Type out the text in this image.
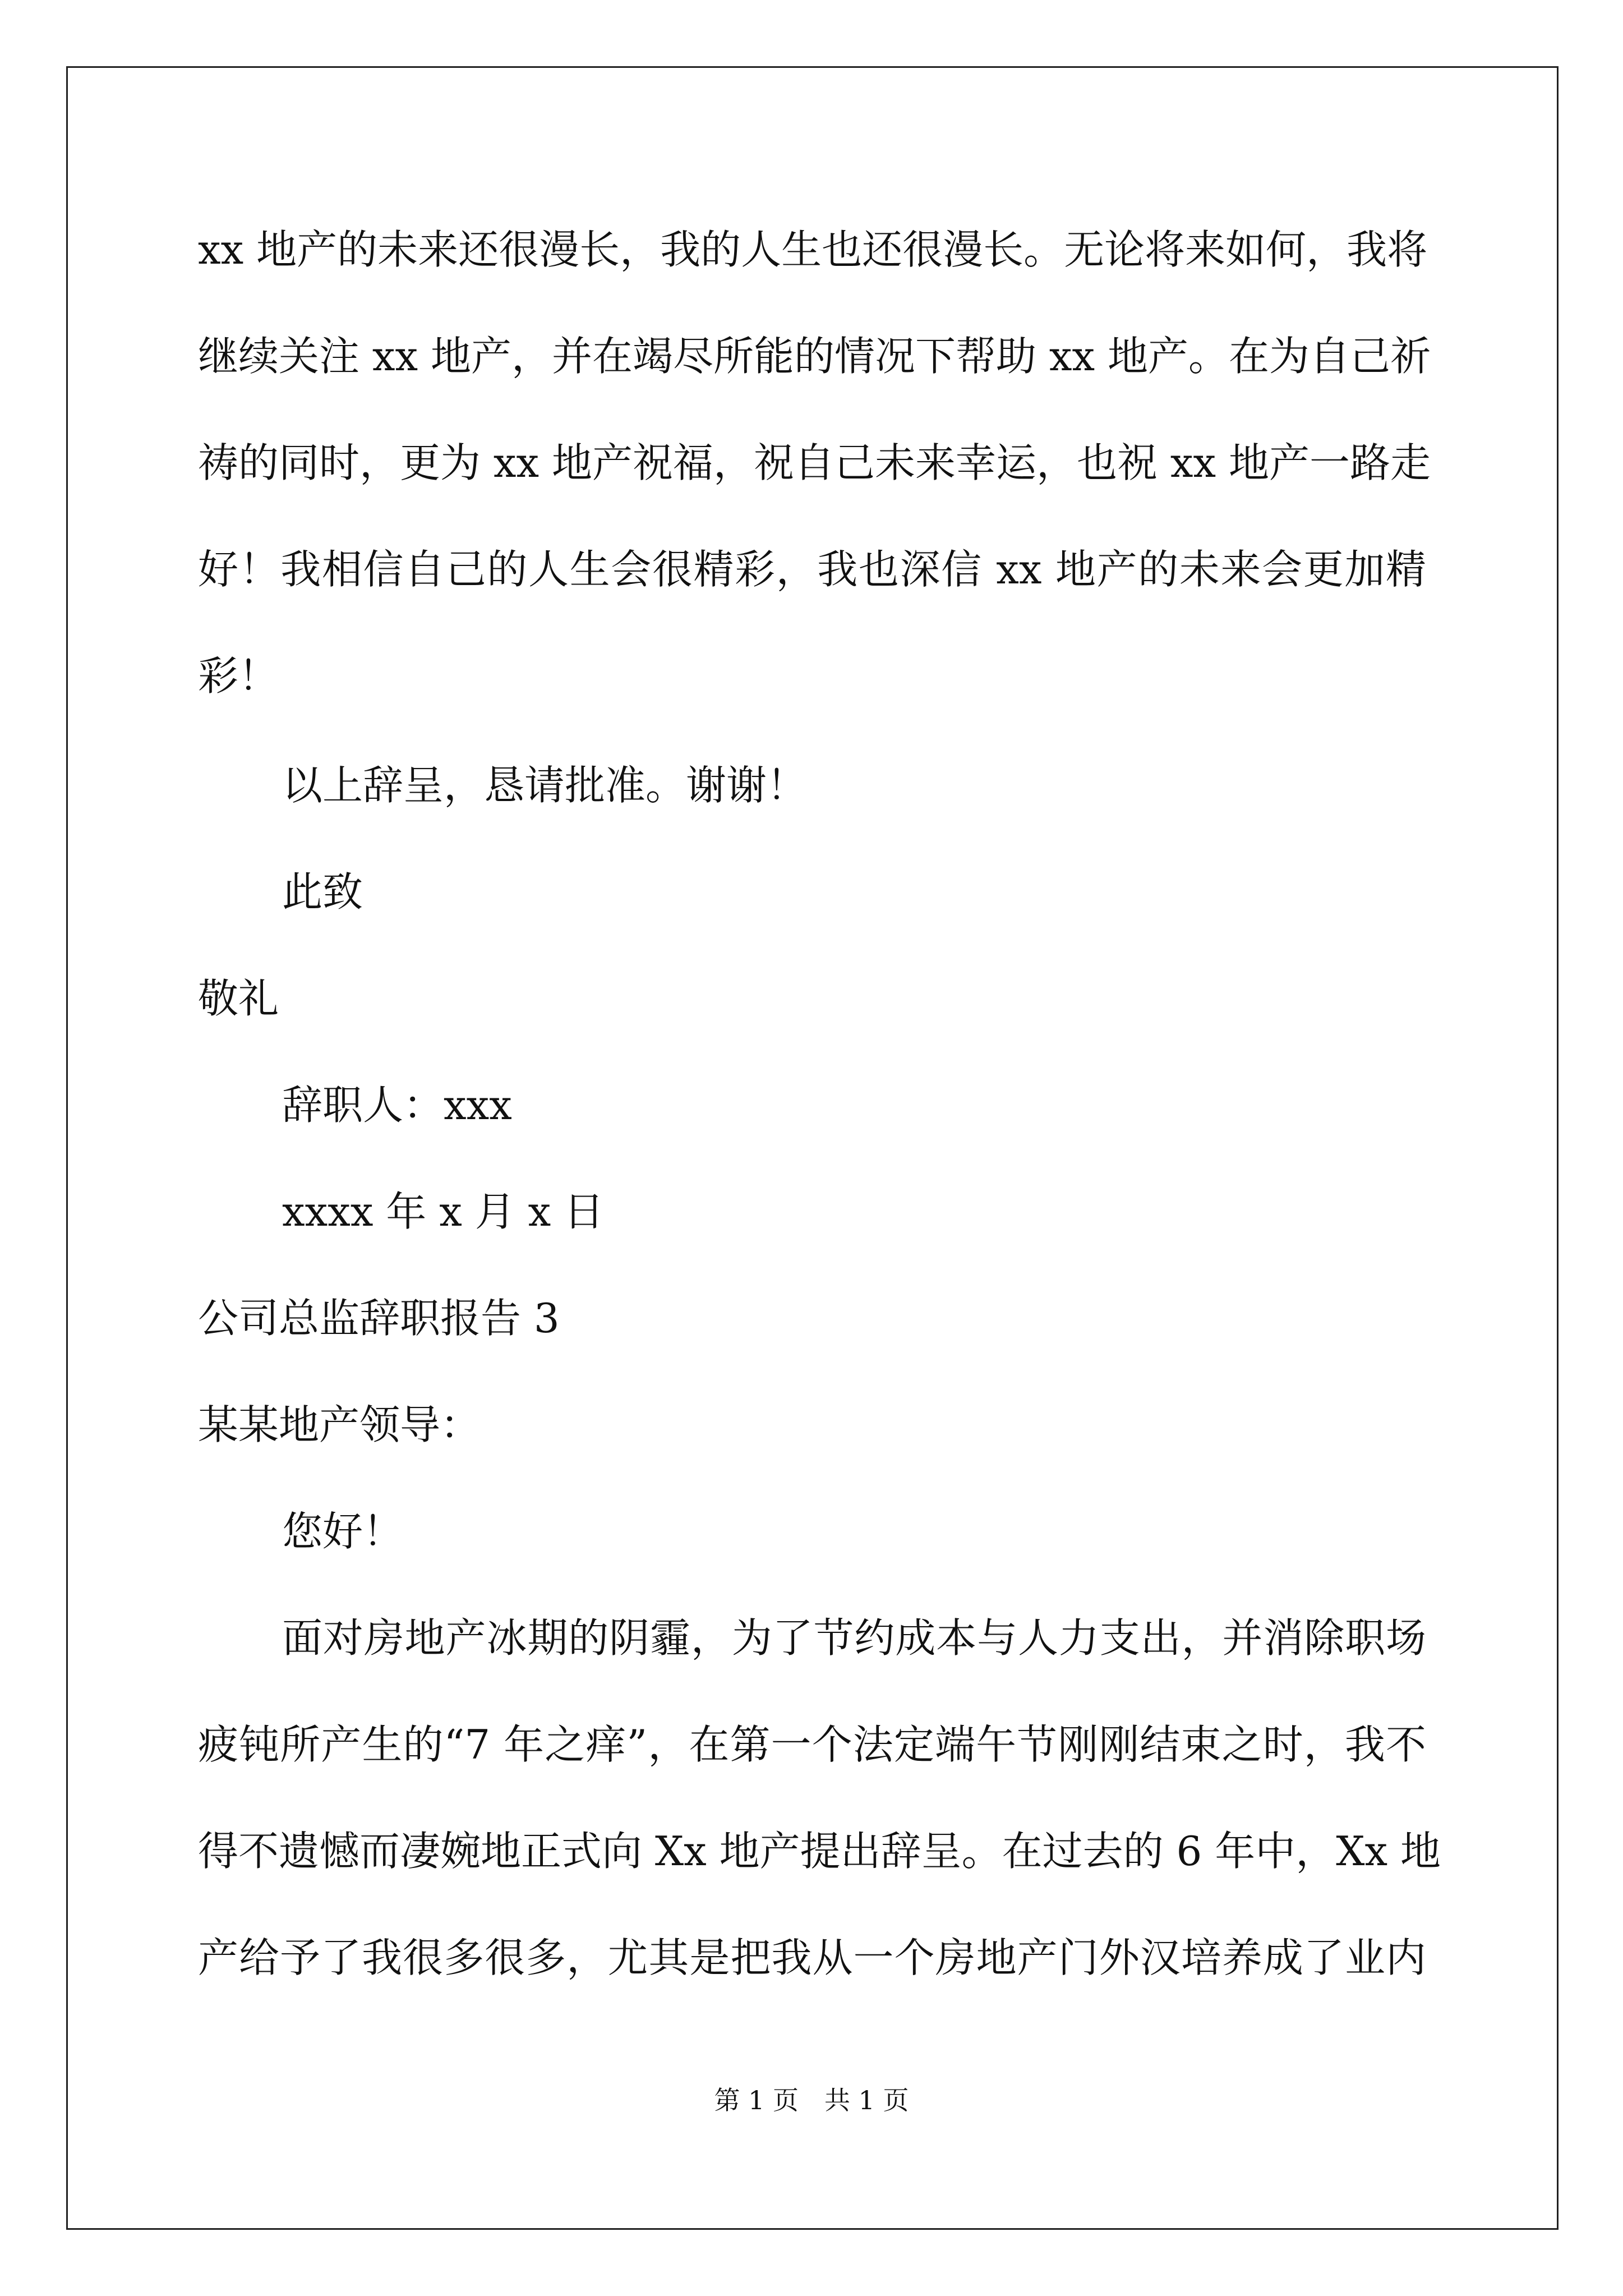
xx 地产的未来还很漫长，我的人生也还很漫长。无论将来如何，我将
继续关注 xx 地产，并在竭尽所能的情况下帮助 xx 地产。在为自己祈
祷的同时，更为 xx 地产祝福，祝自己未来幸运，也祝 xx 地产一路走
好！我相信自己的人生会很精彩，我也深信 xx 地产的未来会更加精
彩！
以上辞呈，恳请批准。谢谢！
此致
敬礼
辞职人：xxx
xxxx 年 x 月 x 日
公司总监辞职报告 3
某某地产领导：
您好！
面对房地产冰期的阴霾，为了节约成本与人力支出，并消除职场
疲钝所产生的“7 年之痒”，在第一个法定端午节刚刚结束之时，我不
得不遗憾而凄婉地正式向 Xx 地产提出辞呈。在过去的 6 年中，Xx 地
产给予了我很多很多，尤其是把我从一个房地产门外汉培养成了业内
第 1 页　共 1 页
